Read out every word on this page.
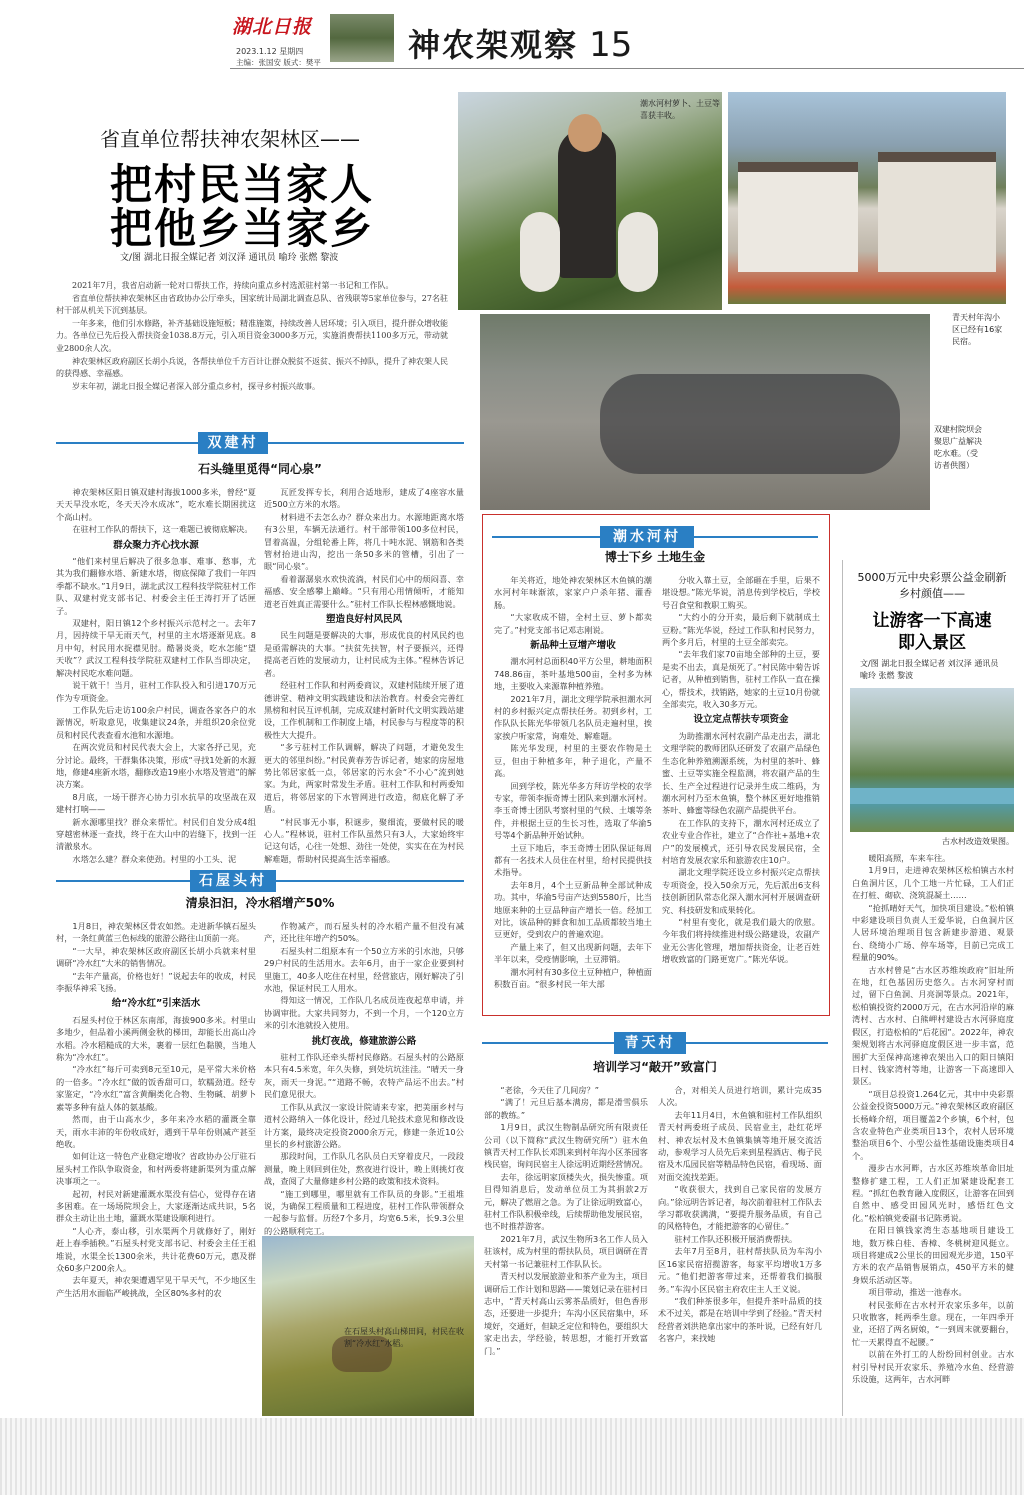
湖北日报
2023.1.12 星期四
主编：张国安 版式：樊平	神农架观察 15
省直单位帮扶神农架林区——
把村民当家人
把他乡当家乡
文/图 湖北日报全媒记者 刘汉泽 通讯员 喻玲 张燃 黎波

2021年7月，我省启动新一轮对口帮扶工作，持续向重点乡村选派驻村第一书记和工作队。

省直单位帮扶神农架林区由省政协办公厅牵头，国家统计局湖北调查总队、省残联等5家单位参与，27名驻村干部从机关下沉到基层。

一年多来，他们引水修路，补齐基础设施短板；精准施策，持续改善人居环境；引入项目，提升群众增收能力。各单位已先后投入帮扶资金1038.8万元，引入项目资金3000多万元，实施消费帮扶1100多万元，带动就业2800余人次。

神农架林区政府副区长胡小兵说，各帮扶单位千方百计让群众脱贫不返贫、振兴不掉队，提升了神农架人民的获得感、幸福感。

岁末年初，湖北日报全媒记者深入部分重点乡村，探寻乡村振兴故事。

潮水河村萝卜、土豆等喜获丰收。
青天村年沟小区已经有16家民宿。
双建村院坝会聚思广益解决吃水难。（受访者供图）
双建村
石头缝里觅得“同心泉”

神农架林区阳日镇双建村海拔1000多米，曾经“夏天天旱没水吃，冬天天冷水成冰”，吃水难长期困扰这个高山村。

在驻村工作队的帮扶下，这一难题已被彻底解决。

群众聚力齐心找水源

“他们来村里后解决了很多急事、难事、愁事，尤其为我们翻修水塔、新建水塔，彻底保障了我们一年四季都不缺水。”1月9日，湖北武汉工程科技学院驻村工作队、双建村党支部书记、村委会主任王涛打开了话匣子。

双建村，阳日镇12个乡村振兴示范村之一。去年7月，因持续干旱无雨天气，村里的主水塔逐渐见底。8月中旬，村民用水捉襟见肘。酷暑炎炎，吃水怎能“望天收”？武汉工程科技学院驻双建村工作队当即决定，解决村民吃水难问题。

说干就干！当月，驻村工作队投入和引进170万元作为专项资金。

工作队先后走访100余户村民，调查各家各户的水源情况，听取意见，收集建议24条，并组织20余位党员和村民代表查看水池和水源地。

在两次党员和村民代表大会上，大家各抒己见，充分讨论。最终，干群集体决策，形成“寻找1处新的水源地，修建4座新水塔，翻修改造19座小水塔及管道”的解决方案。

8月底，一场干群齐心协力引水抗旱的攻坚战在双建村打响——

新水源哪里找？群众来帮忙。村民们自发分成4组穿越密林逐一查找，终于在大山中的岩缝下，找到一汪清澈泉水。

水塔怎么建？群众来使劲。村里的小工头、泥

瓦匠发挥专长，利用合适地形，建成了4座容水量近500立方米的水塔。

材料进不去怎么办？群众来出力。水源地距离水塔有3公里，车辆无法通行。村干部带领100多位村民，冒着高温，分组轮番上阵，将几十吨水泥、钢筋和各类管材抬进山沟，挖出一条50多米的管槽，引出了一眼“同心泉”。

看着潺潺泉水欢快流淌，村民们心中的烦闷喜、幸福感、安全感攀上巅峰。“只有用心用情倾听，才能知道老百姓真正需要什么。”驻村工作队长程林感慨地说。

塑造良好村风民风

民生问题是要解决的大事，形成优良的村风民约也是亟需解决的大事。“扶贫先扶智，村子要振兴，还得提高老百姓的发展动力，让村民成为主体。”程林告诉记者。

经驻村工作队和村两委商议，双建村陆续开展了道德讲堂、精神文明实践建设和法治教育。村委会完善红黑榜和村民互评机制，完成双建村新时代文明实践站建设，工作机制和工作制度上墙，村民参与与程度等的积极性大大提升。

“多亏驻村工作队调解，解决了问题，才避免发生更大的邻里纠纷。”村民黄春芳告诉记者，她家的房屋地势比邻居家低一点，邻居家的污水会“不小心”流到她家。为此，两家时常发生矛盾。驻村工作队和村两委知道后，将邻居家的下水管网进行改造，彻底化解了矛盾。

“村民事无小事，积谜步，聚细流，要做村民的暖心人。”程林说，驻村工作队虽然只有3人，大家始终牢记这句话，心往一处想、劲往一处使，实实在在为村民解难题，帮助村民提高生活幸福感。

石屋头村
清泉汩汩，冷水稻增产50%

1月8日，神农架林区骨农如然。走进新华镇石屋头村，一条红黄蓝三色标线的旅游公路往山顶前一亮。

“一大早，神农架林区政府副区长胡小兵就来村里调研“冷水红”大米的销售情况。

“去年产量高，价格也好！”说起去年的收成，村民李振华神采飞扬。

给“冷水红”引来活水

石屋头村位于林区东南部，海拔900多米。村里山多地少，但品着小溪两侧金秋的梯田，却能长出高山冷水稻。冷水稻糙成的大米，裹着一层红色黏膜，当地人称为“冷水红”。

“冷水红”每斤可卖到8元至10元，是平常大米价格的一倍多。“冷水红”做的饭香甜可口，软糯劲道。经专家鉴定，“冷水红”富含黄酮类化合物、生物碱、胡萝卜素等多种有益人体的氨基酸。

然而，由于山高水少，多年来冷水稻的灌溉全靠天，雨水丰沛的年份收成好，遇到干旱年份则减产甚至绝收。

如何让这一特色产业稳定增收？省政协办公厅驻石屋头村工作队争取资金，和村两委将建新渠列为重点解决事项之一。

起初，村民对新建灌溉水渠没有信心，觉得存在诸多困难。在一场场院坝会上，大家逐渐达成共识，5名群众主动让出土地，灌溉水渠建设顺利进行。

“人心齐，泰山移，引水渠两个月就修好了，刚好赶上春季插秧。”石屋头村党支部书记、村委会主任王祖堆说，水渠全长1300余米，共计花费60万元，惠及群众60多户200余人。

去年夏天，神农架遭遇罕见干旱天气，不少地区生产生活用水面临严峻挑战，全区80%多村的农

作物减产，而石屋头村的冷水稻产量不但没有减产，还比往年增产约50%。

石屋头村二组原本有一个50立方米的引水池，只够29户村民的生活用水。去年6月，由于一家企业要到村里施工，40多人吃住在村里，经营旅店，刚好解决了引水池，保证村民工人用水。

得知这一情况，工作队几名成员连夜起草申请，并协调审批。大家共同努力，不到一个月，一个120立方米的引水池就投入使用。

挑灯夜战，修建旅游公路

驻村工作队还牵头帮村民修路。石屋头村的公路原本只有4.5米宽，年久失修，到处坑坑洼洼。“晴天一身灰，雨天一身泥。”“道路不畅，农特产品运不出去。”村民们意见很大。

工作队从武汉一家设计院请来专家，把美丽乡村与道村公路纳入一体化设计，经过几轮技术意见和修改设计方案，最终决定投资2000余万元，修建一条近10公里长的乡村旅游公路。

那段时间，工作队几名队员白天穿着皮尺，一段段测量，晚上则回到住处，熬夜进行设计，晚上则挑灯夜战，查阅了大量修建乡村公路的政策和技术资料。

“施工到哪里，哪里就有工作队员的身影。”王祖堆说，为确保工程质量和工程进度，驻村工作队带领群众一起参与监督。历经7个多月，均宽6.5米，长9.3公里的公路顺利完工。

在石屋头村高山梯田间，村民在收割“冷水红”水稻。
潮水河村
博士下乡 土地生金

年关将近，地处神农架林区木鱼镇的潮水河村年味渐浓，家家户户杀年猪、灌香肠。

“大家收成不错，全村土豆、萝卜都卖完了。”村党支部书记邓志刚说。

新品种土豆增产增收

潮水河村总面积40平方公里，耕地面积748.86亩，茶叶基地500亩，全村多为林地，主要收入来源靠种植养殖。

2021年7月，湖北文理学院承担潮水河村的乡村振兴定点帮扶任务。初到乡村，工作队队长陈光华带领几名队员走遍村里，挨家挨户听家常，询难处、解难题。

陈光华发现，村里的主要农作物是土豆，但由于种植多年，种子退化，产量不高。

回到学校，陈光华多方拜访学校的农学专家，带领李振奇博士团队来到潮水河村。李玉奇博士团队考察村里的气候、土壤等条件，并根据土豆的生长习性，选取了华渝5号等4个新品种开始试种。

土豆下地后，李玉奇博士团队保证每周都有一名技术人员住在村里，给村民提供技术指导。

去年8月，4个土豆新品种全部试种成功。其中，华渝5号亩产达到5580斤，比当地原来种的土豆品种亩产增长一倍。经加工对比，该品种的鲜食和加工品质都较当地土豆更好，受到农户的普遍欢迎。

产量上来了，但又出现新问题，去年下半年以来，受疫情影响，土豆滞销。

潮水河村有30多位土豆种植户，种植面积数百亩。“很多村民一年大部

分收入靠土豆，全部砸在手里，后果不堪设想。”陈光华说，消息传到学校后，学校号召食堂和教职工购买。

“大约小的分开卖，最后剩下就制成土豆粉。”陈光华说，经过工作队和村民努力，两个多月后，村里的土豆全部卖完。

“去年我们家70亩地全部种的土豆，要是卖不出去，真是烦死了。”村民陈中菊告诉记者，从种植到销售，驻村工作队一直在操心，帮技术，找销路，她家的土豆10月份就全部卖完，收入30多万元。

设立定点帮扶专项资金

为助推潮水河村农副产品走出去，湖北文理学院的教师团队还研发了农副产品绿色生态化种养殖溯源系统，为村里的茶叶、蜂蜜、土豆等实施全程监测，将农副产品的生长、生产全过程进行记录并生成二维码，为潮水河村乃至木鱼镇，整个林区更好地推销茶叶、蜂蜜等绿色农副产品提供平台。

在工作队的支持下，潮水河村还成立了农业专业合作社，建立了“合作社+基地+农户”的发展模式，还引导农民发展民宿，全村培育发展农家乐和旅游农庄10户。

湖北文理学院还设立乡村振兴定点帮扶专项资金，投入50余万元，先后派出6支科技创新团队常态化深入潮水河村开展调查研究、科技研发和成果转化。

“村里有变化，就是我们最大的欣慰。今年我们将持续推进村级公路建设，农副产业无公害化管理，增加帮扶资金，让老百姓增收致富的门路更宽广。”陈光华说。

青天村
培训学习“敲开”致富门

“老徐，今天住了几间房？”

“满了！元旦后基本满房，都是滑雪俱乐部的教练。”

1月9日，武汉生物制品研究所有限责任公司（以下简称“武汉生物研究所”）驻木鱼镇青天村工作队长邓凯来到村年沟小区茶园客栈民宿，询问民宿主人徐远明近期经营情况。

去年，徐远明家顶楼失火，损失惨重。项目得知消息后，发动单位员工为其捐款2万元，解决了燃眉之急。为了让徐远明致富心，驻村工作队积极牵线，后续帮助他发展民宿，也不时推荐游客。

2021年7月，武汉生物所3名工作人员入驻该村，成为村里的帮扶队员，项目调研在青天村第一书记兼驻村工作队队长。

青天村以发展旅游业和茶产业为主，项目调研后工作计划和思路——策划记录在驻村日志中，“青天村高山云雾茶品质好，但色香形态，还要进一步提升；车沟小区民宿集中，环境好，交通好，但缺乏定位和特色，要组织大家走出去，学经验，转思想，才能打开致富门。”

合，对相关人员进行培训，累计完成35人次。

去年11月4日，木鱼镇和驻村工作队组织青天村两委班子成员、民宿业主，赴红花坪村、神农坛村及木鱼镇集镇等地开展交流活动，参观学习人员先后来到星程酒店、梅子民宿及木瓜园民宿等精品特色民宿，看现场、面对面交流找差距。

“收获很大，找到自己家民宿的发展方向。”徐远明告诉记者，每次前着驻村工作队去学习都收获满满，“要提升服务品质，有自己的风格特色，才能把游客的心留住。”

驻村工作队还积极开展消费帮扶。

去年7月至8月，驻村帮扶队员为车沟小区16家民宿招揽游客，每家平均增收1万多元。“他们把游客带过来，还帮着我们搞服务。”车沟小区民宿主府农庄主人王义说。

“我们种茶很多年，但提升茶叶品质的技术不过关，都是在培训中学到了经验。”青天村经营者刘洪艳拿出家中的茶叶说，已经有好几名客户，来找她

5000万元中央彩票公益金刷新乡村颜值——
让游客一下高速
即入景区
文/图 湖北日报全媒记者 刘汉泽 通讯员 喻玲 张燃 黎波
古水村改造效果图。

暖阳高照，车来车往。

1月9日，走进神农架林区松柏镇古水村白鱼洞片区，几个工地一片忙碌，工人们正在打桩、砌砍、浇筑混凝土……

“抢抓晴好天气，加快项目建设。”松柏镇中彩建设项目负责人王爱华说，白鱼洞片区人居环境治理项目包含新建步游道、观景台、绕绮小广场、停车场等，目前已完成工程量的90%。

古水村曾是“古水区苏维埃政府”旧址所在地，红色基因历史悠久。古水河穿村而过，留下白鱼洞、月亮洞等景点。2021年，松柏镇投资约2000万元，在古水河沿岸的麻湾村、古水村、白熊岬村建设古水河驿庭度假区，打造松柏的“后花园”。2022年，神农架规划将古水河驿庭度假区进一步丰富，范围扩大至保神高速神农架出入口的阳日镇阳日村、钱家湾村等地，让游客一下高速即入景区。

“项目总投资1.264亿元，其中中央彩票公益金投资5000万元。”神农架林区政府副区长杨峰介绍，项目覆盖2个乡镇，6个村，包含农业特色产业类项目13个，农村人居环境整治项目6个、小型公益性基础设施类项目4个。

漫步古水河畔，古水区苏维埃革命旧址整修扩建工程，工人们正加紧建设配套工程。“抓红色教育融入度假区，让游客在回到自然中、感受田园风光时，感悟红色文化。”松柏镇党委副书记陈勇说。

在阳日镇钱家湾生态基地项目建设工地，数万株白桂、香樟、冬桃树迎风挺立。项目将建成2公里长的田园观光步道，150平方米的农产品销售展销点，450平方米的健身娱乐活动区等。

项目带动，推送一池春水。

村民张师在古水村开农家乐多年，以前只收散客，耗两季生意。现在，一年四季开业，还招了两名厨娘，“一到周末就要翻台，忙一天累得直不起腰。”

以前在外打工的人纷纷回村创业。古水村引导村民开农家乐、养殖冷水鱼、经营游乐设施，这两年，古水河畔
